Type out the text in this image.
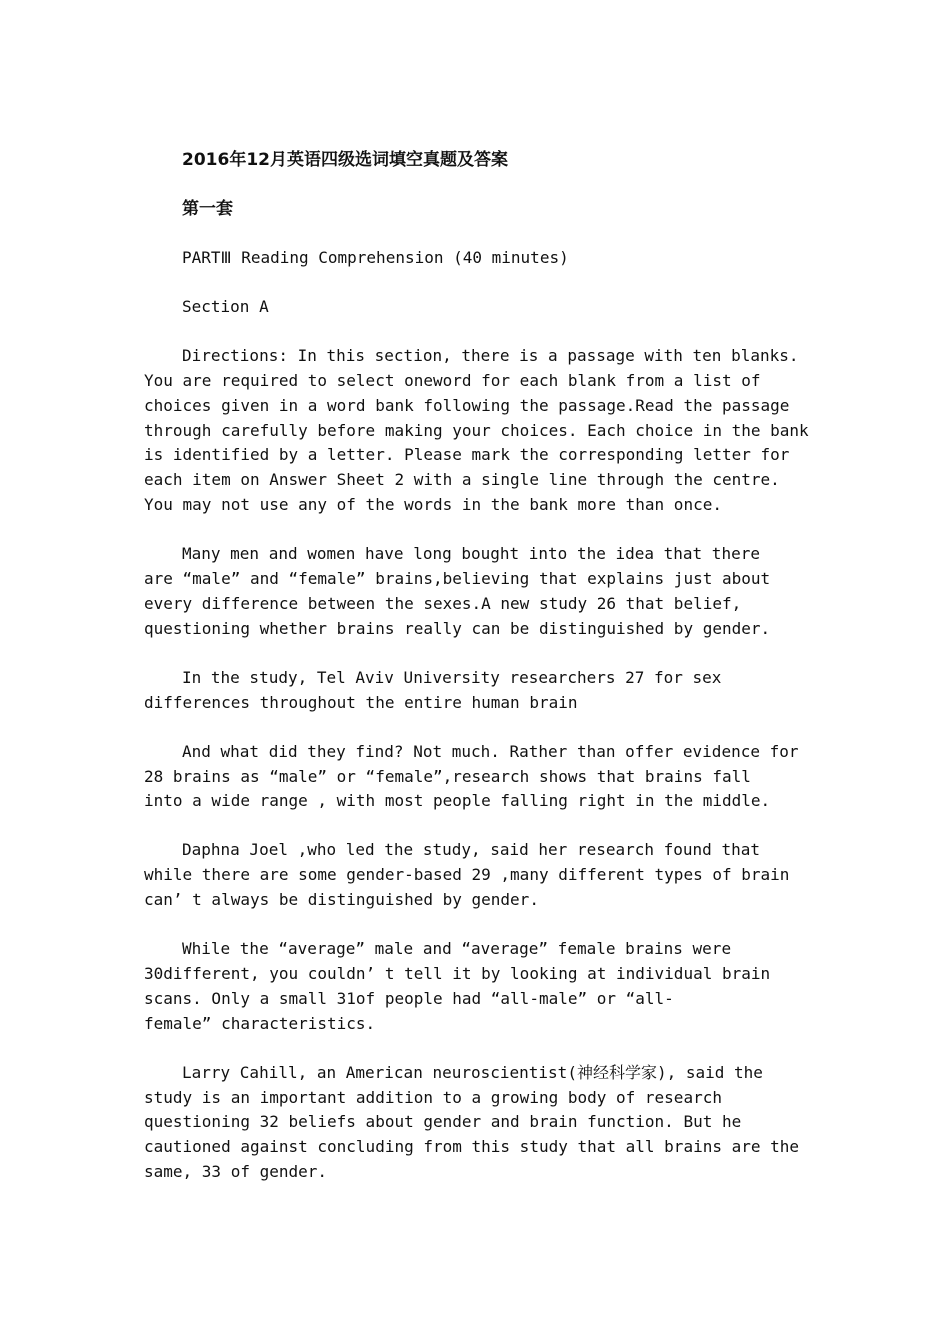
2016年12月英语四级选词填空真题及答案
第一套
PARTⅢ Reading Comprehension (40 minutes)
Section A

Directions: In this section, there is a passage with ten blanks.
You are required to select oneword for each blank from a list of
choices given in a word bank following the passage.Read the passage
through carefully before making your choices. Each choice in the bank
is identified by a letter. Please mark the corresponding letter for
each item on Answer Sheet 2 with a single line through the centre.
You may not use any of the words in the bank more than once.

Many men and women have long bought into the idea that there
are “male” and “female” brains,believing that explains just about
every difference between the sexes.A new study 26 that belief,
questioning whether brains really can be distinguished by gender.

In the study, Tel Aviv University researchers 27 for sex
differences throughout the entire human brain

And what did they find? Not much. Rather than offer evidence for
28 brains as “male” or “female”,research shows that brains fall
into a wide range , with most people falling right in the middle.

Daphna Joel ,who led the study, said her research found that
while there are some gender‑based 29 ,many different types of brain
can’ t always be distinguished by gender.

While the “average” male and “average” female brains were
30different, you couldn’ t tell it by looking at individual brain
scans. Only a small 31of people had “all-male” or “all-
female” characteristics.

Larry Cahill, an American neuroscientist(神经科学家), said the
study is an important addition to a growing body of research
questioning 32 beliefs about gender and brain function. But he
cautioned against concluding from this study that all brains are the
same, 33 of gender.
